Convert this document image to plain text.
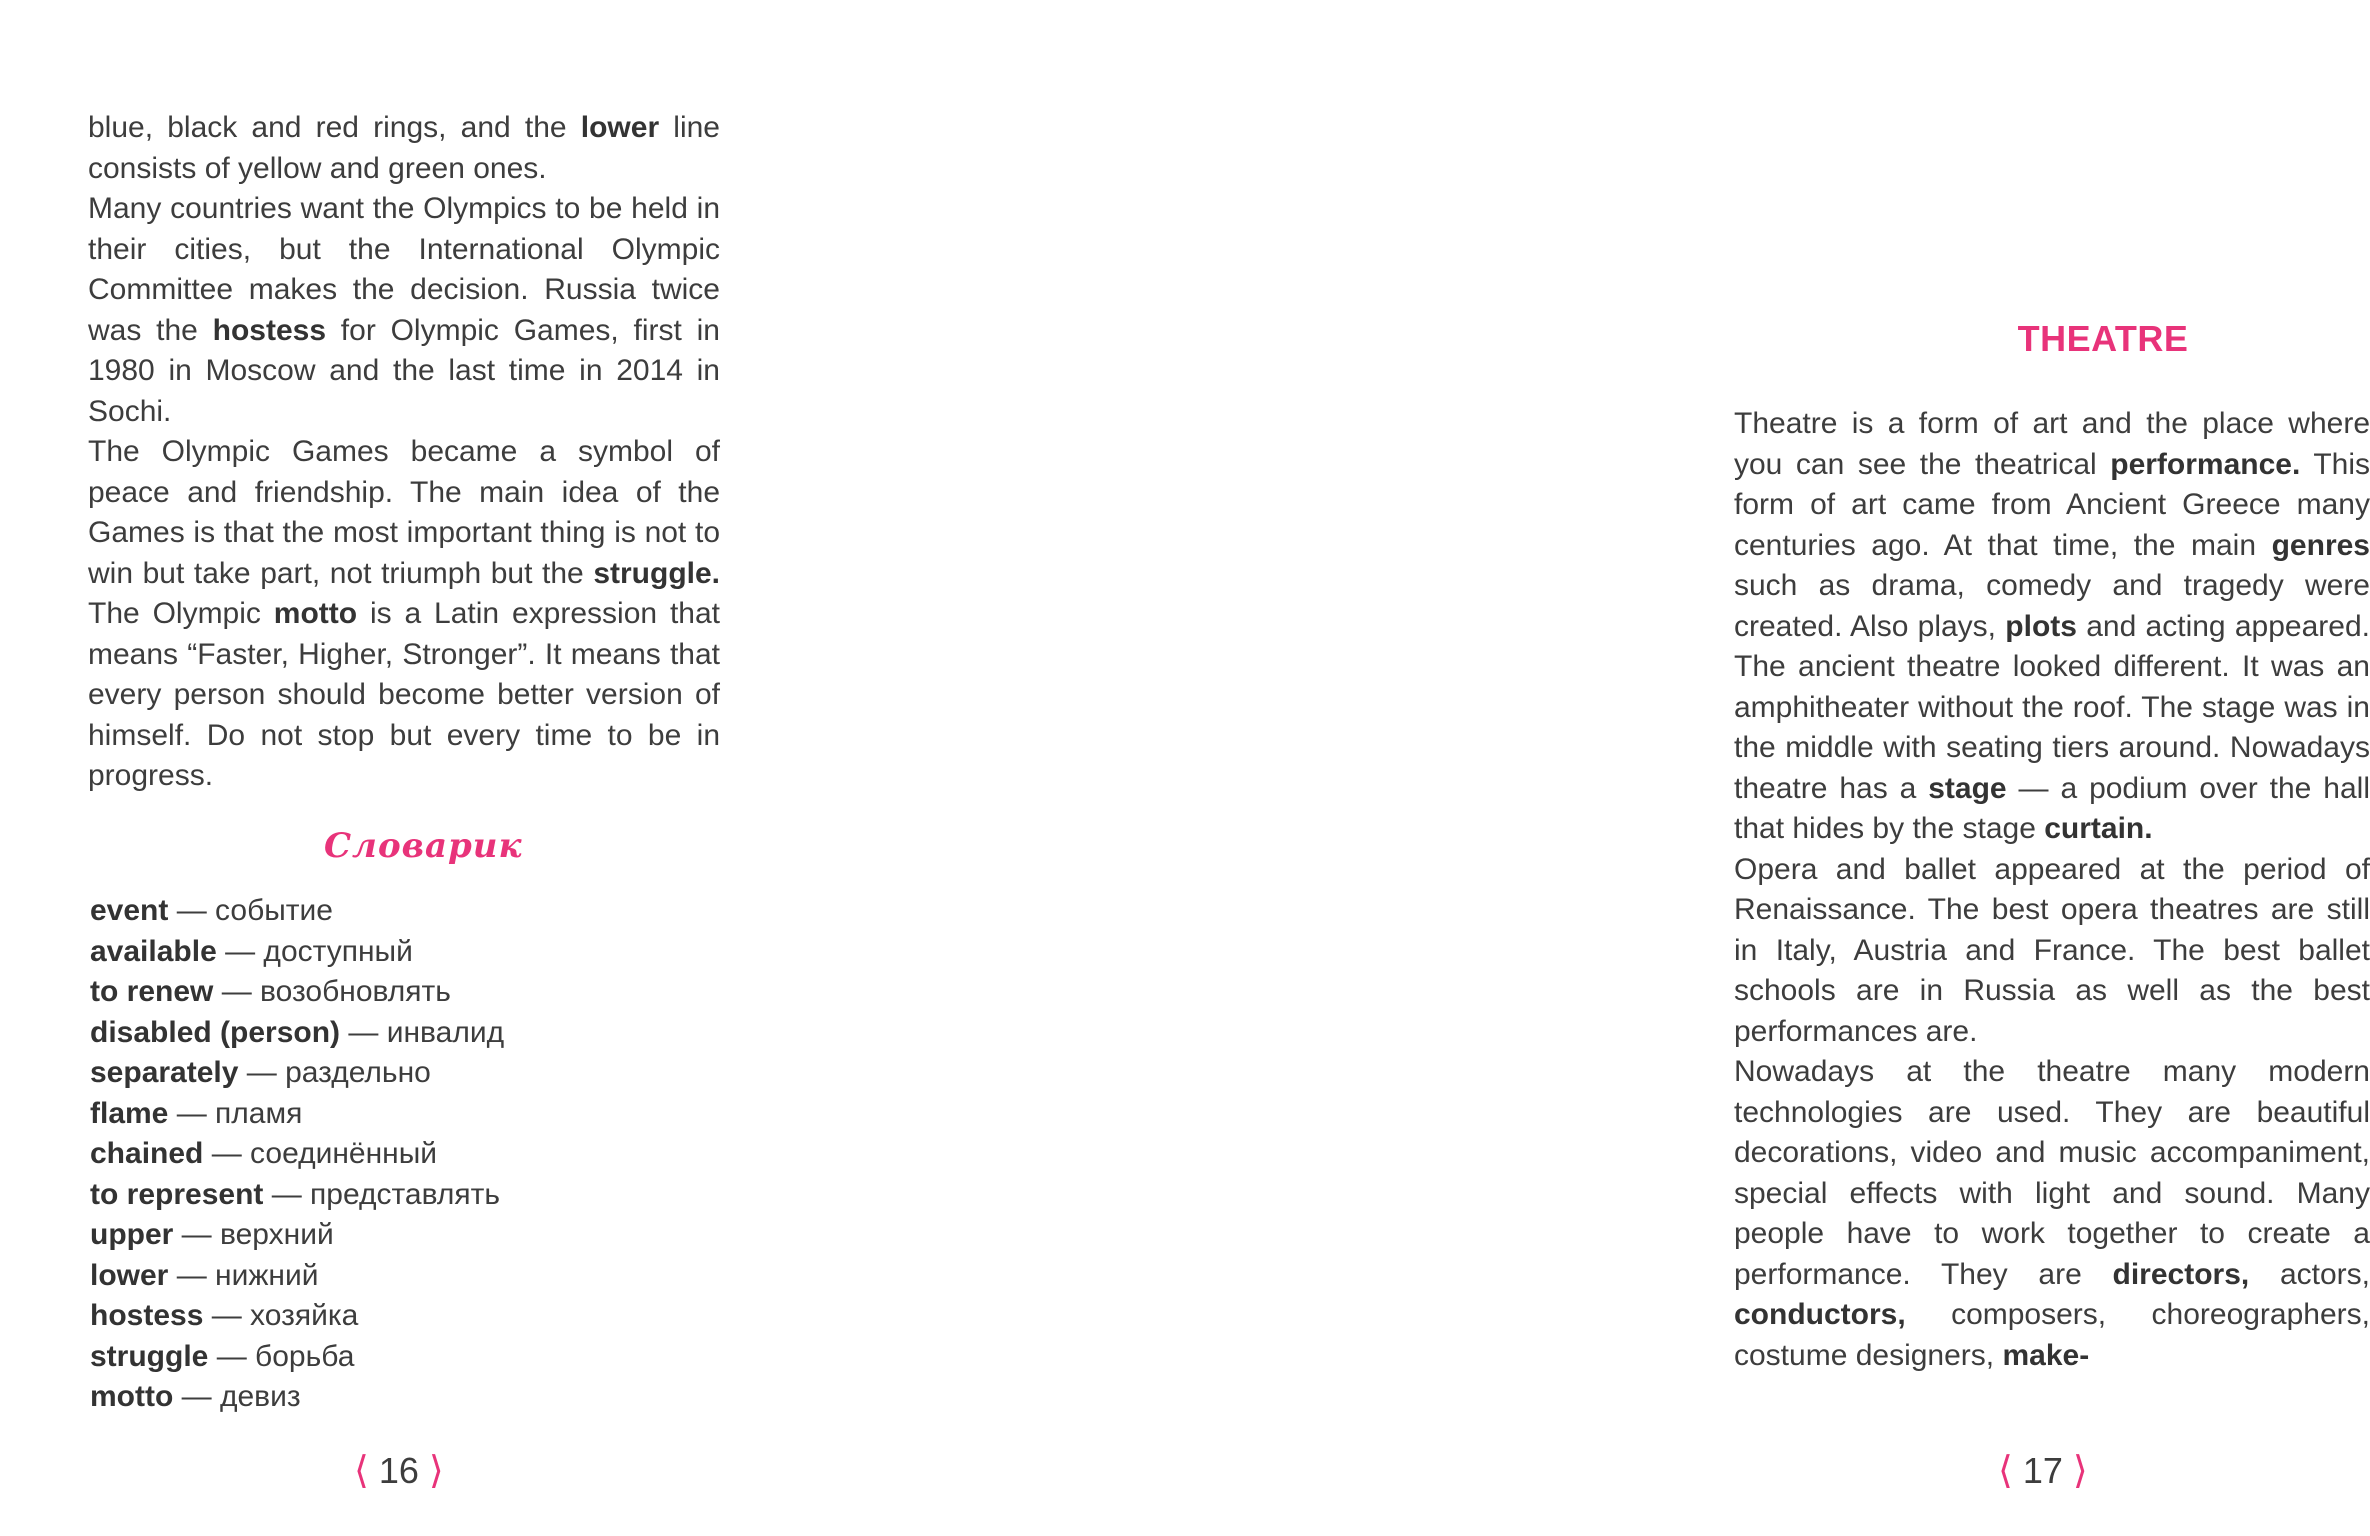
blue, black and red rings, and the lower line consists of yellow and green ones.

Many countries want the Olympics to be held in their cities, but the International Olympic Committee makes the decision. Russia twice was the hostess for Olympic Games, first in 1980 in Moscow and the last time in 2014 in Sochi.

The Olympic Games became a symbol of peace and friendship. The main idea of the Games is that the most important thing is not to win but take part, not triumph but the struggle. The Olympic motto is a Latin expression that means “Faster, Higher, Stronger”. It means that every person should become better version of himself. Do not stop but every time to be in progress.

Словарик
event — событие
available — доступный
to renew — возобновлять
disabled (person) — инвалид
separately — раздельно
flame — пламя
chained — соединённый
to represent — представлять
upper — верхний
lower — нижний
hostess — хозяйка
struggle — борьба
motto — девиз
⟨ 16 ⟩
THEATRE

Theatre is a form of art and the place where you can see the theatrical performance. This form of art came from Ancient Greece many centuries ago. At that time, the main genres such as drama, comedy and tragedy were created. Also plays, plots and acting appeared. The ancient theatre looked different. It was an amphitheater without the roof. The stage was in the middle with seating tiers around. Nowadays theatre has a stage — a podium over the hall that hides by the stage curtain.

Opera and ballet appeared at the period of Renaissance. The best opera theatres are still in Italy, Austria and France. The best ballet schools are in Russia as well as the best performances are.

Nowadays at the theatre many modern technologies are used. They are beautiful decorations, video and music accompaniment, special effects with light and sound. Many people have to work together to create a performance. They are directors, actors, conductors, composers, choreographers, costume designers, make-

⟨ 17 ⟩
